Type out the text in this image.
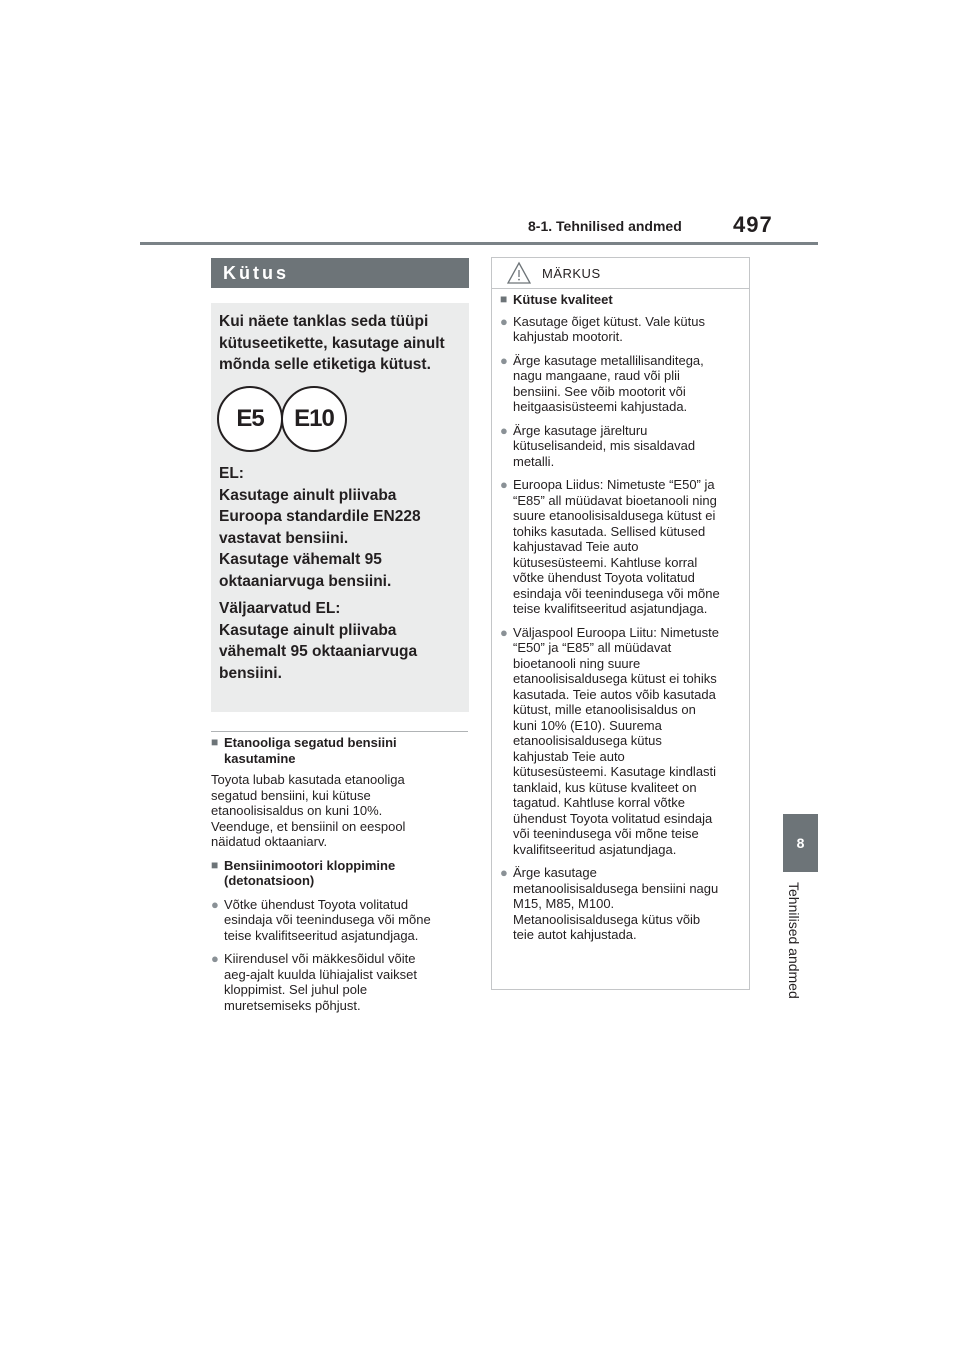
8-1. Tehnilised andmed 497
8
Tehnilised andmed
Kütus

Kui näete tanklas seda tüüpi

kütuseetikette, kasutage ainult

mõnda selle etiketiga kütust.

E5	E10

EL:

Kasutage ainult pliivaba

Euroopa standardile EN228

vastavat bensiini.

Kasutage vähemalt 95

oktaaniarvuga bensiini.

Väljaarvatud EL:

Kasutage ainult pliivaba

vähemalt 95 oktaaniarvuga

bensiini.

■ Etanooliga segatud bensiini
kasutamine
Toyota lubab kasutada etanooliga
segatud bensiini, kui kütuse
etanoolisisaldus on kuni 10%.
Veenduge, et bensiinil on eespool
näidatud oktaaniarv.
■ Bensiinimootori kloppimine
(detonatsioon)
● Võtke ühendust Toyota volitatud
esindaja või teenindusega või mõne
teise kvalifitseeritud asjatundjaga.
● Kiirendusel või mäkkesõidul võite
aeg-ajalt kuulda lühiajalist vaikset
kloppimist. Sel juhul pole
muretsemiseks põhjust.
MÄRKUS
■ Kütuse kvaliteet
● Kasutage õiget kütust. Vale kütus
kahjustab mootorit.
● Ärge kasutage metallilisanditega,
nagu mangaane, raud või plii
bensiini. See võib mootorit või
heitgaasisüsteemi kahjustada.
● Ärge kasutage järelturu
kütuselisandeid, mis sisaldavad
metalli.
● Euroopa Liidus: Nimetuste “E50” ja
“E85” all müüdavat bioetanooli ning
suure etanoolisisaldusega kütust ei
tohiks kasutada. Sellised kütused
kahjustavad Teie auto
kütusesüsteemi. Kahtluse korral
võtke ühendust Toyota volitatud
esindaja või teenindusega või mõne
teise kvalifitseeritud asjatundjaga.
● Väljaspool Euroopa Liitu: Nimetuste
“E50” ja “E85” all müüdavat
bioetanooli ning suure
etanoolisisaldusega kütust ei tohiks
kasutada. Teie autos võib kasutada
kütust, mille etanoolisisaldus on
kuni 10% (E10). Suurema
etanoolisisaldusega kütus
kahjustab Teie auto
kütusesüsteemi. Kasutage kindlasti
tanklaid, kus kütuse kvaliteet on
tagatud. Kahtluse korral võtke
ühendust Toyota volitatud esindaja
või teenindusega või mõne teise
kvalifitseeritud asjatundjaga.
● Ärge kasutage
metanoolisisaldusega bensiini nagu
M15, M85, M100.
Metanoolisisaldusega kütus võib
teie autot kahjustada.
